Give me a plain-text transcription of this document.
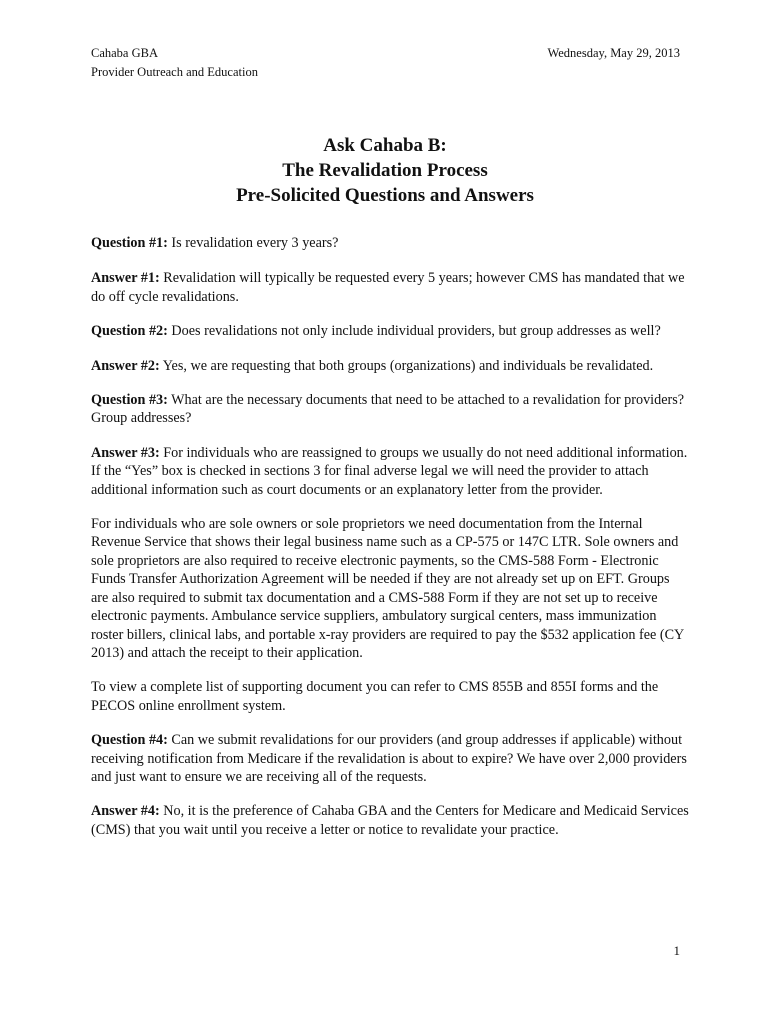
Cahaba GBA
Provider Outreach and Education
Wednesday, May 29, 2013
Ask Cahaba B:
The Revalidation Process
Pre-Solicited Questions and Answers

Question #1: Is revalidation every 3 years?

Answer #1: Revalidation will typically be requested every 5 years; however CMS has mandated that we do off cycle revalidations.

Question #2: Does revalidations not only include individual providers, but group addresses as well?

Answer #2: Yes, we are requesting that both groups (organizations) and individuals be revalidated.

Question #3: What are the necessary documents that need to be attached to a revalidation for providers? Group addresses?

Answer #3: For individuals who are reassigned to groups we usually do not need additional information. If the “Yes” box is checked in sections 3 for final adverse legal we will need the provider to attach additional information such as court documents or an explanatory letter from the provider.

For individuals who are sole owners or sole proprietors we need documentation from the Internal Revenue Service that shows their legal business name such as a CP-575 or 147C LTR. Sole owners and sole proprietors are also required to receive electronic payments, so the CMS-588 Form - Electronic Funds Transfer Authorization Agreement will be needed if they are not already set up on EFT. Groups are also required to submit tax documentation and a CMS-588 Form if they are not set up to receive electronic payments. Ambulance service suppliers, ambulatory surgical centers, mass immunization roster billers, clinical labs, and portable x-ray providers are required to pay the $532 application fee (CY 2013) and attach the receipt to their application.

To view a complete list of supporting document you can refer to CMS 855B and 855I forms and the PECOS online enrollment system.

Question #4: Can we submit revalidations for our providers (and group addresses if applicable) without receiving notification from Medicare if the revalidation is about to expire? We have over 2,000 providers and just want to ensure we are receiving all of the requests.

Answer #4: No, it is the preference of Cahaba GBA and the Centers for Medicare and Medicaid Services (CMS) that you wait until you receive a letter or notice to revalidate your practice.

1
